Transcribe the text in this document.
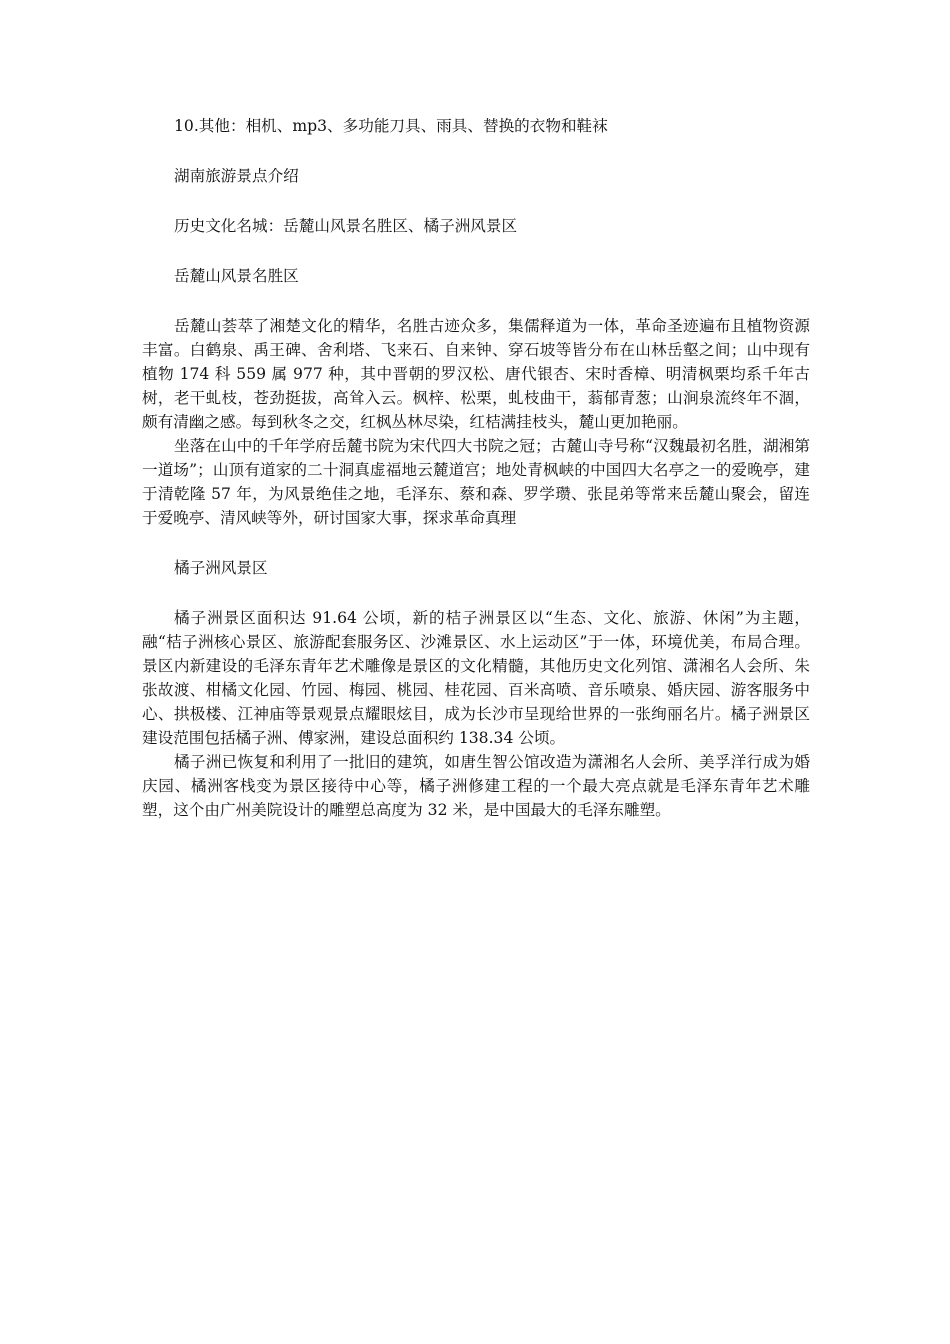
10.其他：相机、mp3、多功能刀具、雨具、替换的衣物和鞋袜

湖南旅游景点介绍

历史文化名城：岳麓山风景名胜区、橘子洲风景区

岳麓山风景名胜区

岳麓山荟萃了湘楚文化的精华，名胜古迹众多，集儒释道为一体，革命圣迹遍布且植物资源丰富。白鹤泉、禹王碑、舍利塔、飞来石、自来钟、穿石坡等皆分布在山林岳壑之间；山中现有植物 174 科 559 属 977 种，其中晋朝的罗汉松、唐代银杏、宋时香樟、明清枫栗均系千年古树，老干虬枝，苍劲挺拔，高耸入云。枫梓、松栗，虬枝曲干，蓊郁青葱；山涧泉流终年不涸，颇有清幽之感。每到秋冬之交，红枫丛林尽染，红桔满挂枝头，麓山更加艳丽。

坐落在山中的千年学府岳麓书院为宋代四大书院之冠；古麓山寺号称“汉魏最初名胜，湖湘第一道场”；山顶有道家的二十洞真虚福地云麓道宫；地处青枫峡的中国四大名亭之一的爱晚亭，建于清乾隆 57 年，为风景绝佳之地，毛泽东、蔡和森、罗学瓒、张昆弟等常来岳麓山聚会，留连于爱晚亭、清风峡等外，研讨国家大事，探求革命真理

橘子洲风景区

橘子洲景区面积达 91.64 公顷，新的桔子洲景区以“生态、文化、旅游、休闲”为主题，融“桔子洲核心景区、旅游配套服务区、沙滩景区、水上运动区”于一体，环境优美，布局合理。景区内新建设的毛泽东青年艺术雕像是景区的文化精髓，其他历史文化列馆、潇湘名人会所、朱张故渡、柑橘文化园、竹园、梅园、桃园、桂花园、百米高喷、音乐喷泉、婚庆园、游客服务中心、拱极楼、江神庙等景观景点耀眼炫目，成为长沙市呈现给世界的一张绚丽名片。橘子洲景区建设范围包括橘子洲、傅家洲，建设总面积约 138.34 公顷。

橘子洲已恢复和利用了一批旧的建筑，如唐生智公馆改造为潇湘名人会所、美孚洋行成为婚庆园、橘洲客栈变为景区接待中心等，橘子洲修建工程的一个最大亮点就是毛泽东青年艺术雕塑，这个由广州美院设计的雕塑总高度为 32 米，是中国最大的毛泽东雕塑。
